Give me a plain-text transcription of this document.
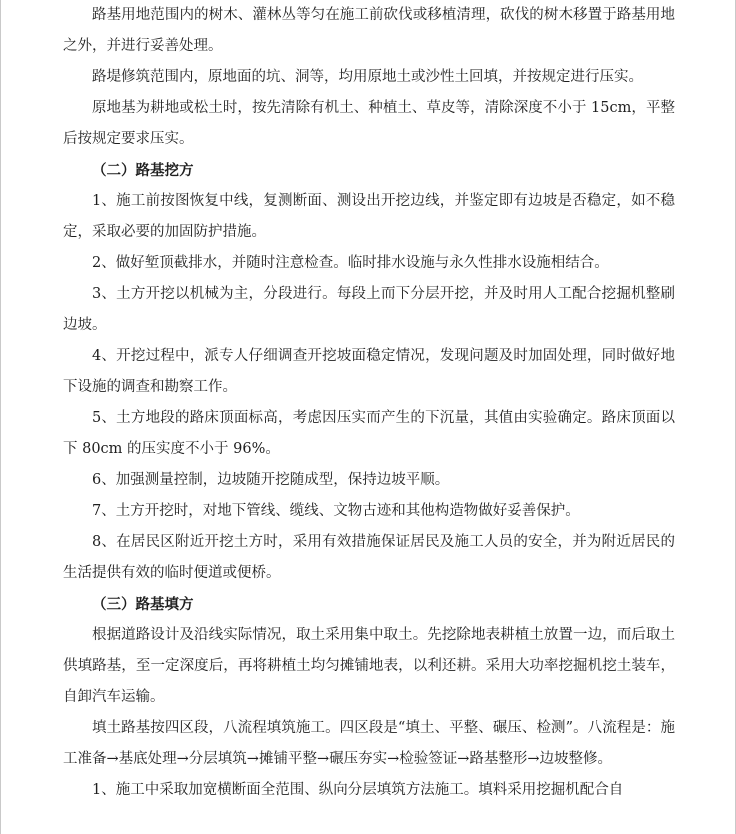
路基用地范围内的树木、灌林丛等匀在施工前砍伐或移植清理，砍伐的树木移置于路基用地之外，并进行妥善处理。

路堤修筑范围内，原地面的坑、洞等，均用原地土或沙性土回填，并按规定进行压实。

原地基为耕地或松土时，按先清除有机土、种植土、草皮等，清除深度不小于 15cm，平整后按规定要求压实。

（二）路基挖方

1、施工前按图恢复中线，复测断面、测设出开挖边线，并鉴定即有边坡是否稳定，如不稳定，采取必要的加固防护措施。

2、做好堑顶截排水，并随时注意检查。临时排水设施与永久性排水设施相结合。

3、土方开挖以机械为主，分段进行。每段上而下分层开挖，并及时用人工配合挖掘机整刷边坡。

4、开挖过程中，派专人仔细调查开挖坡面稳定情况，发现问题及时加固处理，同时做好地下设施的调查和勘察工作。

5、土方地段的路床顶面标高，考虑因压实而产生的下沉量，其值由实验确定。路床顶面以下 80cm 的压实度不小于 96%。

6、加强测量控制，边坡随开挖随成型，保持边坡平顺。

7、土方开挖时，对地下管线、缆线、文物古迹和其他构造物做好妥善保护。

8、在居民区附近开挖土方时，采用有效措施保证居民及施工人员的安全，并为附近居民的生活提供有效的临时便道或便桥。

（三）路基填方

根据道路设计及沿线实际情况，取土采用集中取土。先挖除地表耕植土放置一边，而后取土供填路基，至一定深度后，再将耕植土均匀摊铺地表，以利还耕。采用大功率挖掘机挖土装车，自卸汽车运输。

填土路基按四区段，八流程填筑施工。四区段是“填土、平整、碾压、检测”。八流程是：施工准备→基底处理→分层填筑→摊铺平整→碾压夯实→检验签证→路基整形→边坡整修。

1、施工中采取加宽横断面全范围、纵向分层填筑方法施工。填料采用挖掘机配合自
